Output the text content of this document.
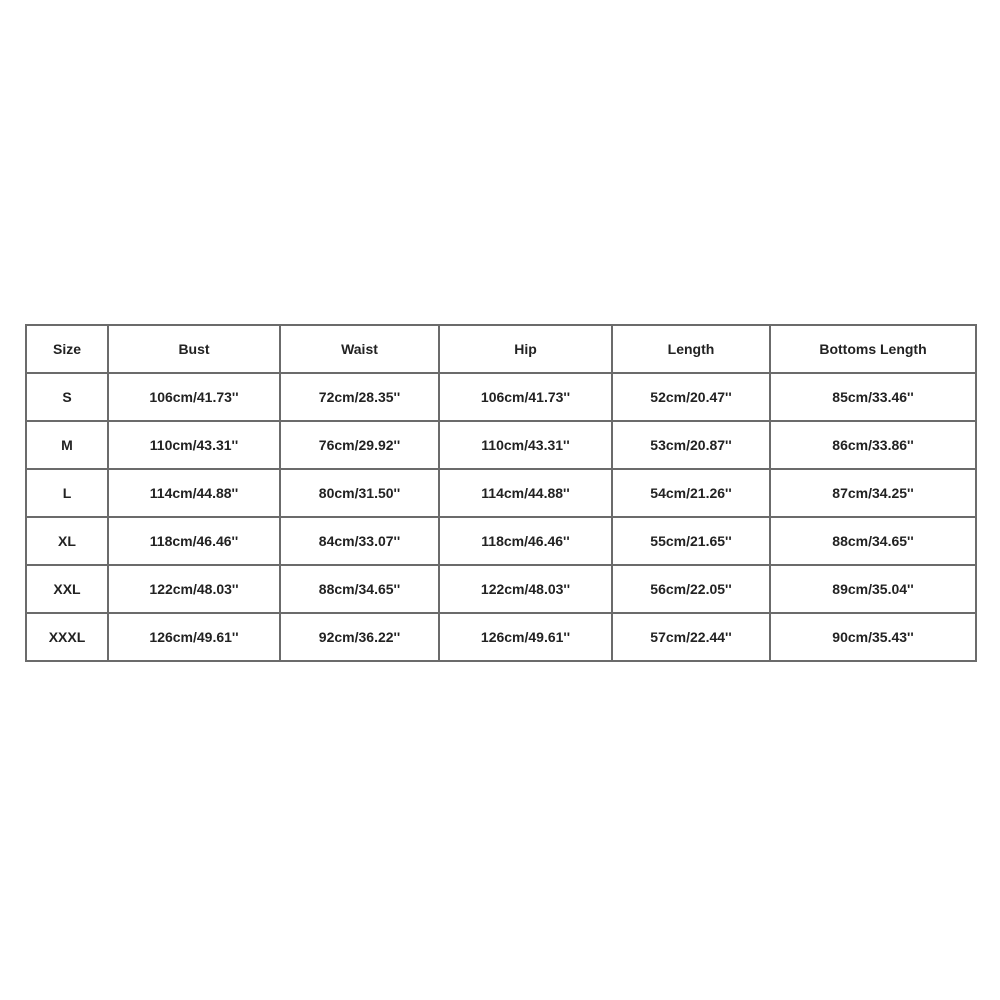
Size	Bust	Waist	Hip	Length	Bottoms Length
S	106cm/41.73''	72cm/28.35''	106cm/41.73''	52cm/20.47''	85cm/33.46''
M	110cm/43.31''	76cm/29.92''	110cm/43.31''	53cm/20.87''	86cm/33.86''
L	114cm/44.88''	80cm/31.50''	114cm/44.88''	54cm/21.26''	87cm/34.25''
XL	118cm/46.46''	84cm/33.07''	118cm/46.46''	55cm/21.65''	88cm/34.65''
XXL	122cm/48.03''	88cm/34.65''	122cm/48.03''	56cm/22.05''	89cm/35.04''
XXXL	126cm/49.61''	92cm/36.22''	126cm/49.61''	57cm/22.44''	90cm/35.43''
